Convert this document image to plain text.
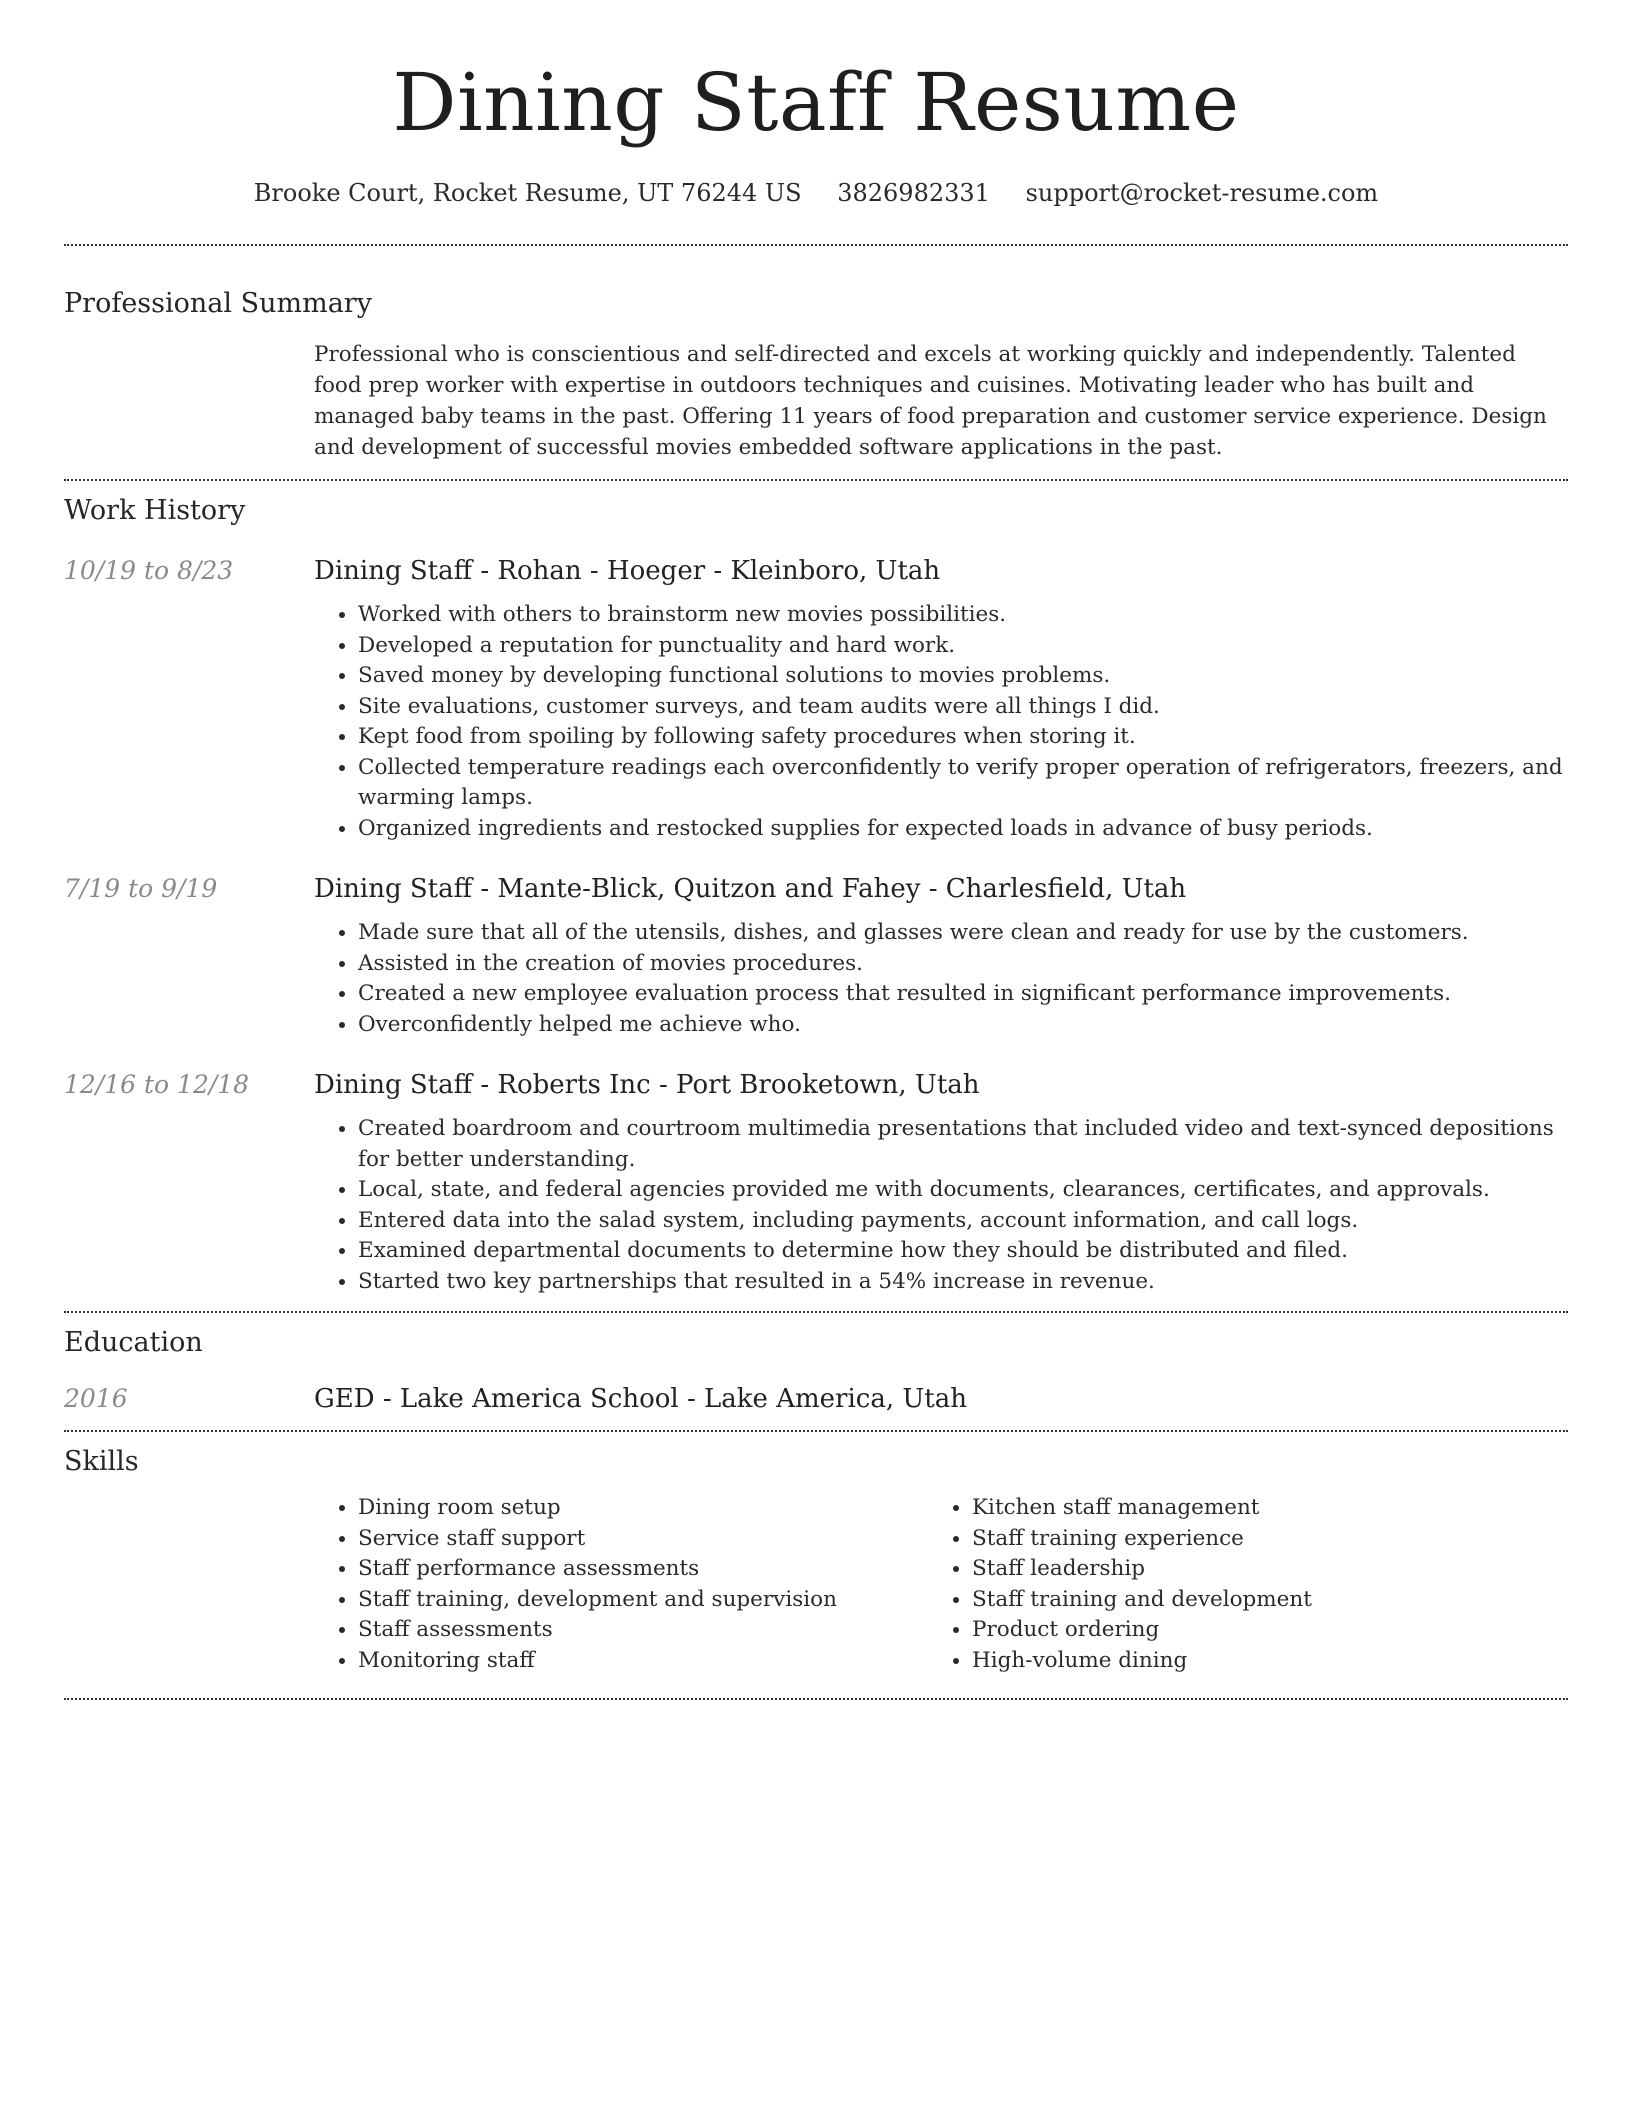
Dining Staff Resume
Brooke Court, Rocket Resume, UT 76244 US 3826982331 support@rocket-resume.com
Professional Summary

Professional who is conscientious and self-directed and excels at working quickly and independently. Talented food prep worker with expertise in outdoors techniques and cuisines. Motivating leader who has built and managed baby teams in the past. Offering 11 years of food preparation and customer service experience. Design and development of successful movies embedded software applications in the past.

Work History
10/19 to 8/23	Dining Staff - Rohan - Hoeger - Kleinboro, Utah
• Worked with others to brainstorm new movies possibilities.
• Developed a reputation for punctuality and hard work.
• Saved money by developing functional solutions to movies problems.
• Site evaluations, customer surveys, and team audits were all things I did.
• Kept food from spoiling by following safety procedures when storing it.
• Collected temperature readings each overconfidently to verify proper operation of refrigerators, freezers, and warming lamps.
• Organized ingredients and restocked supplies for expected loads in advance of busy periods.
7/19 to 9/19	Dining Staff - Mante-Blick, Quitzon and Fahey - Charlesfield, Utah
• Made sure that all of the utensils, dishes, and glasses were clean and ready for use by the customers.
• Assisted in the creation of movies procedures.
• Created a new employee evaluation process that resulted in significant performance improvements.
• Overconfidently helped me achieve who.
12/16 to 12/18	Dining Staff - Roberts Inc - Port Brooketown, Utah
• Created boardroom and courtroom multimedia presentations that included video and text-synced depositions for better understanding.
• Local, state, and federal agencies provided me with documents, clearances, certificates, and approvals.
• Entered data into the salad system, including payments, account information, and call logs.
• Examined departmental documents to determine how they should be distributed and filed.
• Started two key partnerships that resulted in a 54% increase in revenue.
Education
2016	GED - Lake America School - Lake America, Utah
Skills
• Dining room setup
• Service staff support
• Staff performance assessments
• Staff training, development and supervision
• Staff assessments
• Monitoring staff
• Kitchen staff management
• Staff training experience
• Staff leadership
• Staff training and development
• Product ordering
• High-volume dining
